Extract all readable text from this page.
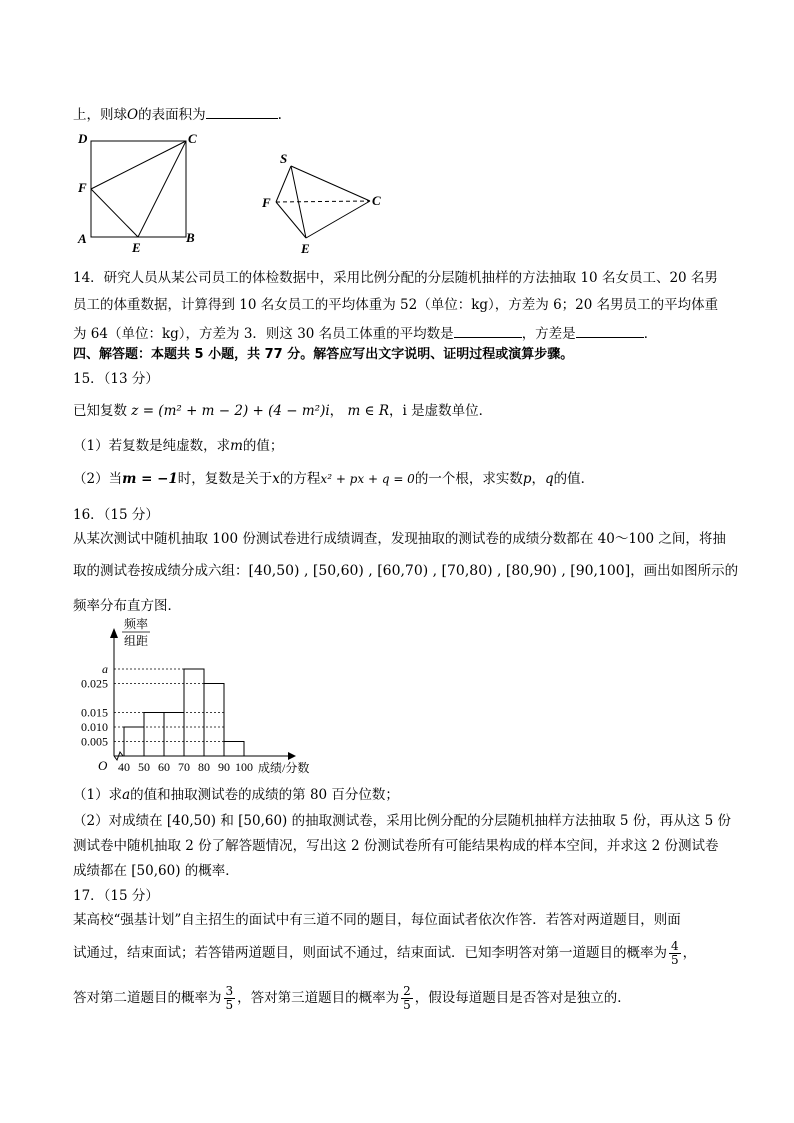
上，则球O的表面积为	.
D	C
F
A
E
B
S
F	C
E
14．研究人员从某公司员工的体检数据中，采用比例分配的分层随机抽样的方法抽取 10 名女员工、20 名男
员工的体重数据，计算得到 10 名女员工的平均体重为 52（单位：kg），方差为 6；20 名男员工的平均体重
为 64（单位：kg），方差为 3．则这 30 名员工体重的平均数是	，方差是	．
四、解答题：本题共 5 小题，共 77 分。解答应写出文字说明、证明过程或演算步骤。
15．（13 分）
已知复数 z = (m² + m − 2) + (4 − m²)i， m ∈ R，i 是虚数单位．
（1）若复数是纯虚数，求m的值；
（2）当m = −1时，复数是关于x的方程x² + px + q = 0的一个根，求实数p，q的值．
16．（15 分）
从某次测试中随机抽取 100 份测试卷进行成绩调查，发现抽取的测试卷的成绩分数都在 40～100 之间，将抽
取的测试卷按成绩分成六组：[40,50) , [50,60) , [60,70) , [70,80) , [80,90) , [90,100]，画出如图所示的
频率分布直方图．
a
0.025
0.015
0.010
0.005
40 50 60 70 80 90 100
O
频率
组距
成绩/分数
（1）求a的值和抽取测试卷的成绩的第 80 百分位数；
（2）对成绩在 [40,50) 和 [50,60) 的抽取测试卷，采用比例分配的分层随机抽样方法抽取 5 份，再从这 5 份
测试卷中随机抽取 2 份了解答题情况，写出这 2 份测试卷所有可能结果构成的样本空间，并求这 2 份测试卷
成绩都在 [50,60) 的概率．
17．（15 分）
某高校“强基计划”自主招生的面试中有三道不同的题目，每位面试者依次作答．若答对两道题目，则面
试通过，结束面试；若答错两道题目，则面试不通过，结束面试．已知李明答对第一道题目的概率为 $\frac{4}{5}$ ，
答对第二道题目的概率为 $\frac{3}{5}$ ，答对第三道题目的概率为 $\frac{2}{5}$ ，假设每道题目是否答对是独立的．
